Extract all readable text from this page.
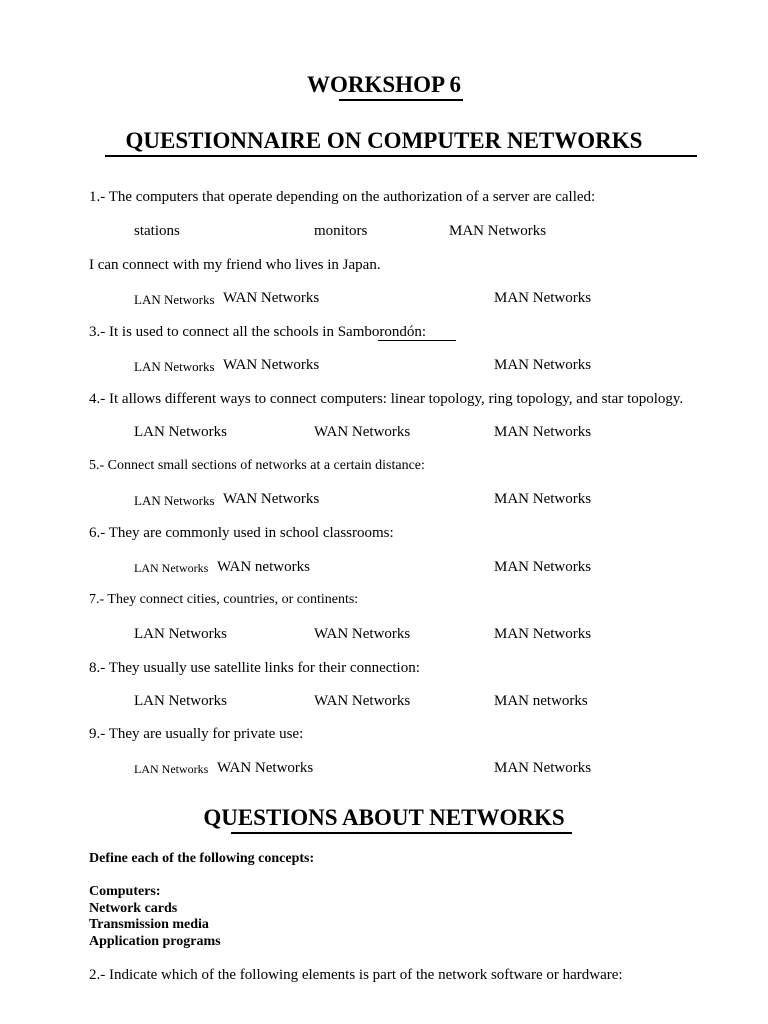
WORKSHOP 6
QUESTIONNAIRE ON COMPUTER NETWORKS
1.- The computers that operate depending on the authorization of a server are called:
stations	monitors	MAN Networks
I can connect with my friend who lives in Japan.
LAN Networks WAN Networks	MAN Networks
3.- It is used to connect all the schools in Samborondón:
LAN Networks WAN Networks	MAN Networks
4.- It allows different ways to connect computers: linear topology, ring topology, and star topology.
LAN Networks	WAN Networks	MAN Networks
5.- Connect small sections of networks at a certain distance:
LAN Networks WAN Networks	MAN Networks
6.- They are commonly used in school classrooms:
LAN Networks WAN networks	MAN Networks
7.- They connect cities, countries, or continents:
LAN Networks	WAN Networks	MAN Networks
8.- They usually use satellite links for their connection:
LAN Networks	WAN Networks	MAN networks
9.- They are usually for private use:
LAN Networks WAN Networks	MAN Networks
QUESTIONS ABOUT NETWORKS
Define each of the following concepts:
Computers:
Network cards
Transmission media
Application programs
2.- Indicate which of the following elements is part of the network software or hardware:
